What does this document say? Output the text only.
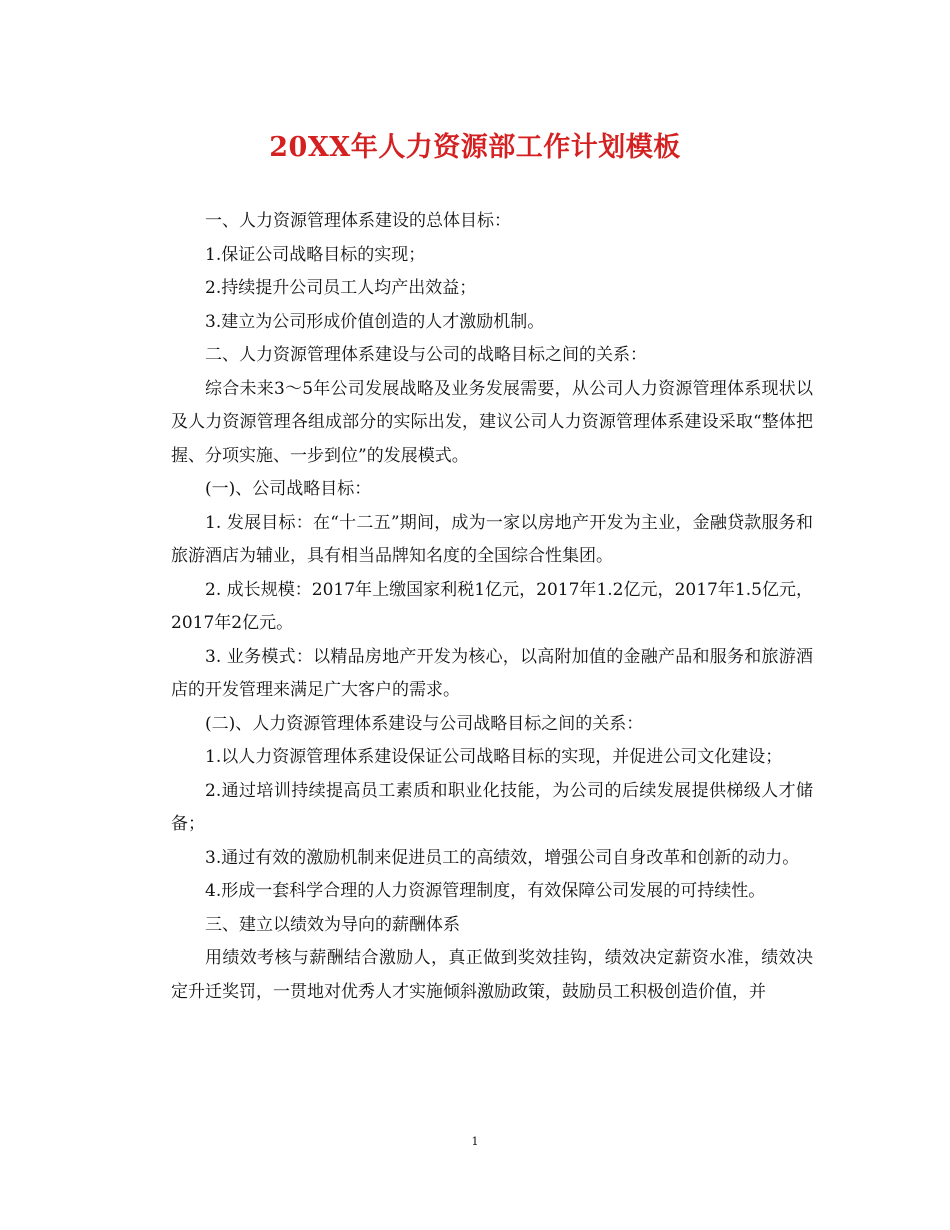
20XX年人力资源部工作计划模板

一、人力资源管理体系建设的总体目标：

1.保证公司战略目标的实现；

2.持续提升公司员工人均产出效益；

3.建立为公司形成价值创造的人才激励机制。

二、人力资源管理体系建设与公司的战略目标之间的关系：

综合未来3～5年公司发展战略及业务发展需要，从公司人力资源管理体系现状以及人力资源管理各组成部分的实际出发，建议公司人力资源管理体系建设采取“整体把握、分项实施、一步到位”的发展模式。

(一)、公司战略目标：

1. 发展目标：在“十二五”期间，成为一家以房地产开发为主业，金融贷款服务和旅游酒店为辅业，具有相当品牌知名度的全国综合性集团。

2. 成长规模：2017年上缴国家利税1亿元，2017年1.2亿元，2017年1.5亿元，2017年2亿元。

3. 业务模式：以精品房地产开发为核心，以高附加值的金融产品和服务和旅游酒店的开发管理来满足广大客户的需求。

(二)、人力资源管理体系建设与公司战略目标之间的关系：

1.以人力资源管理体系建设保证公司战略目标的实现，并促进公司文化建设；

2.通过培训持续提高员工素质和职业化技能，为公司的后续发展提供梯级人才储备；

3.通过有效的激励机制来促进员工的高绩效，增强公司自身改革和创新的动力。

4.形成一套科学合理的人力资源管理制度，有效保障公司发展的可持续性。

三、建立以绩效为导向的薪酬体系

用绩效考核与薪酬结合激励人，真正做到奖效挂钩，绩效决定薪资水准，绩效决定升迁奖罚，一贯地对优秀人才实施倾斜激励政策，鼓励员工积极创造价值，并

1
